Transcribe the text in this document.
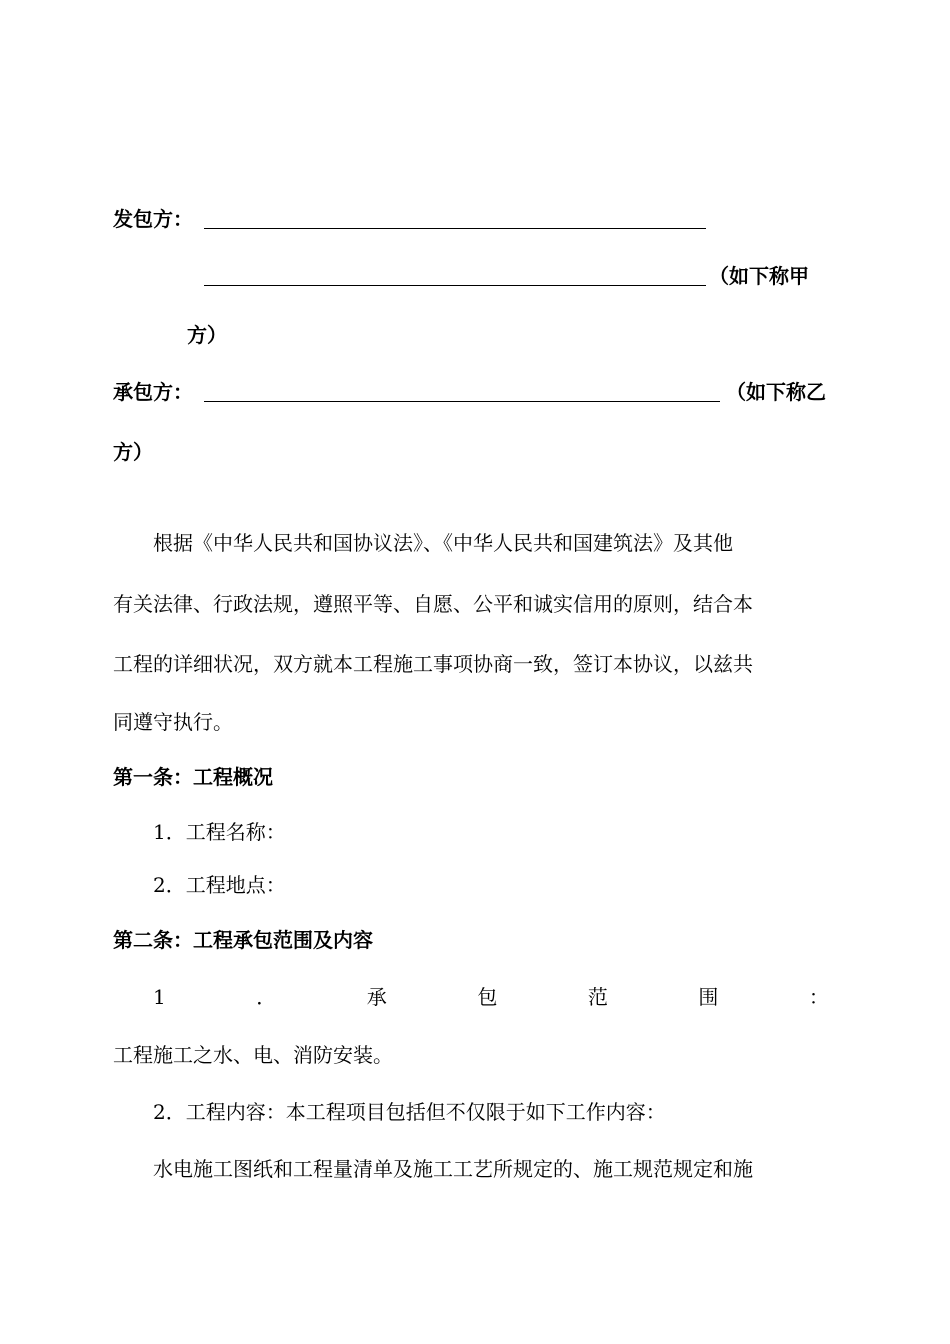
发包方：
（如下称甲
方）
承包方：	（如下称乙
方）
根据《中华人民共和国协议法》、《中华人民共和国建筑法》及其他
有关法律、行政法规，遵照平等、自愿、公平和诚实信用的原则，结合本
工程的详细状况，双方就本工程施工事项协商一致，签订本协议，以兹共
同遵守执行。
第一条：工程概况
1．工程名称：
2．工程地点：
第二条：工程承包范围及内容
1	．	承	包	范	围	：
工程施工之水、电、消防安装。
2．工程内容：本工程项目包括但不仅限于如下工作内容：
水电施工图纸和工程量清单及施工工艺所规定的、施工规范规定和施
